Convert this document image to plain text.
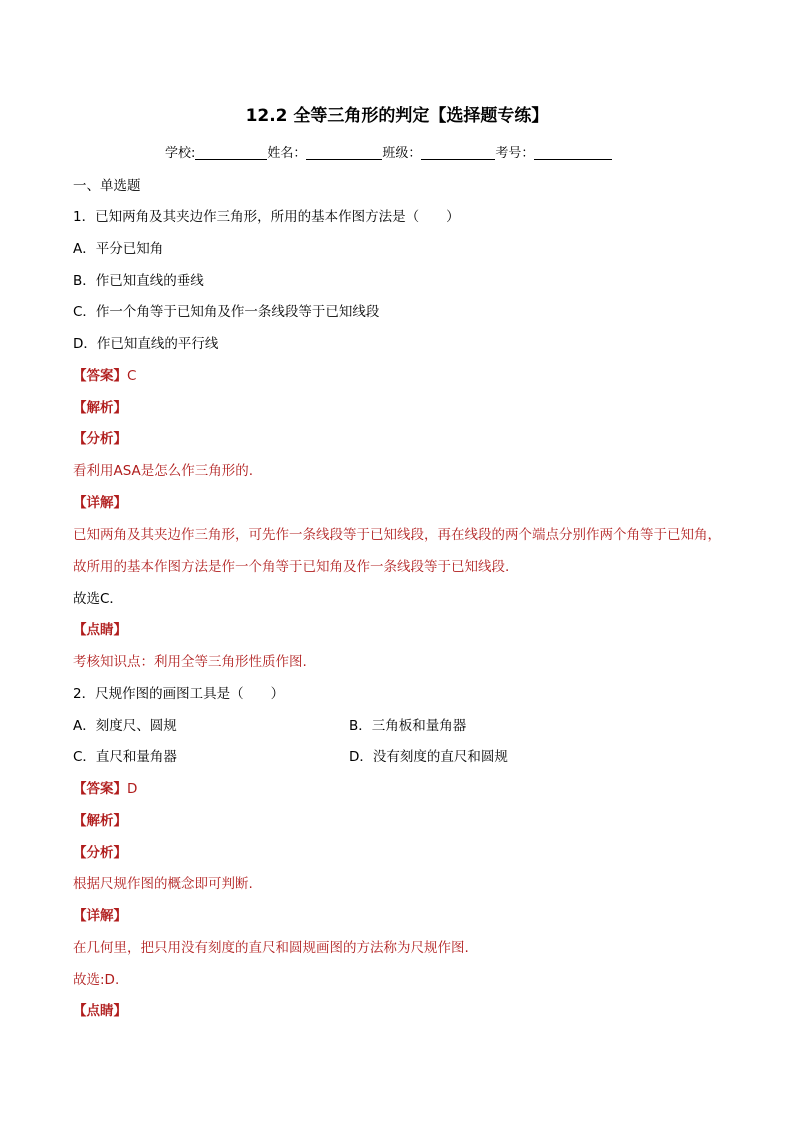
12.2 全等三角形的判定【选择题专练】
学校:	姓名：	班级：	考号：
一、单选题
1．已知两角及其夹边作三角形，所用的基本作图方法是（　　）
A．平分已知角
B．作已知直线的垂线
C．作一个角等于已知角及作一条线段等于已知线段
D．作已知直线的平行线
【答案】C
【解析】
【分析】
看利用ASA是怎么作三角形的.
【详解】
已知两角及其夹边作三角形，可先作一条线段等于已知线段，再在线段的两个端点分别作两个角等于已知角，故所用的基本作图方法是作一个角等于已知角及作一条线段等于已知线段.
故选C．
【点睛】
考核知识点：利用全等三角形性质作图.
2．尺规作图的画图工具是（　　）
A．刻度尺、圆规	B．三角板和量角器
C．直尺和量角器	D．没有刻度的直尺和圆规
【答案】D
【解析】
【分析】
根据尺规作图的概念即可判断.
【详解】
在几何里，把只用没有刻度的直尺和圆规画图的方法称为尺规作图.
故选:D.
【点睛】
